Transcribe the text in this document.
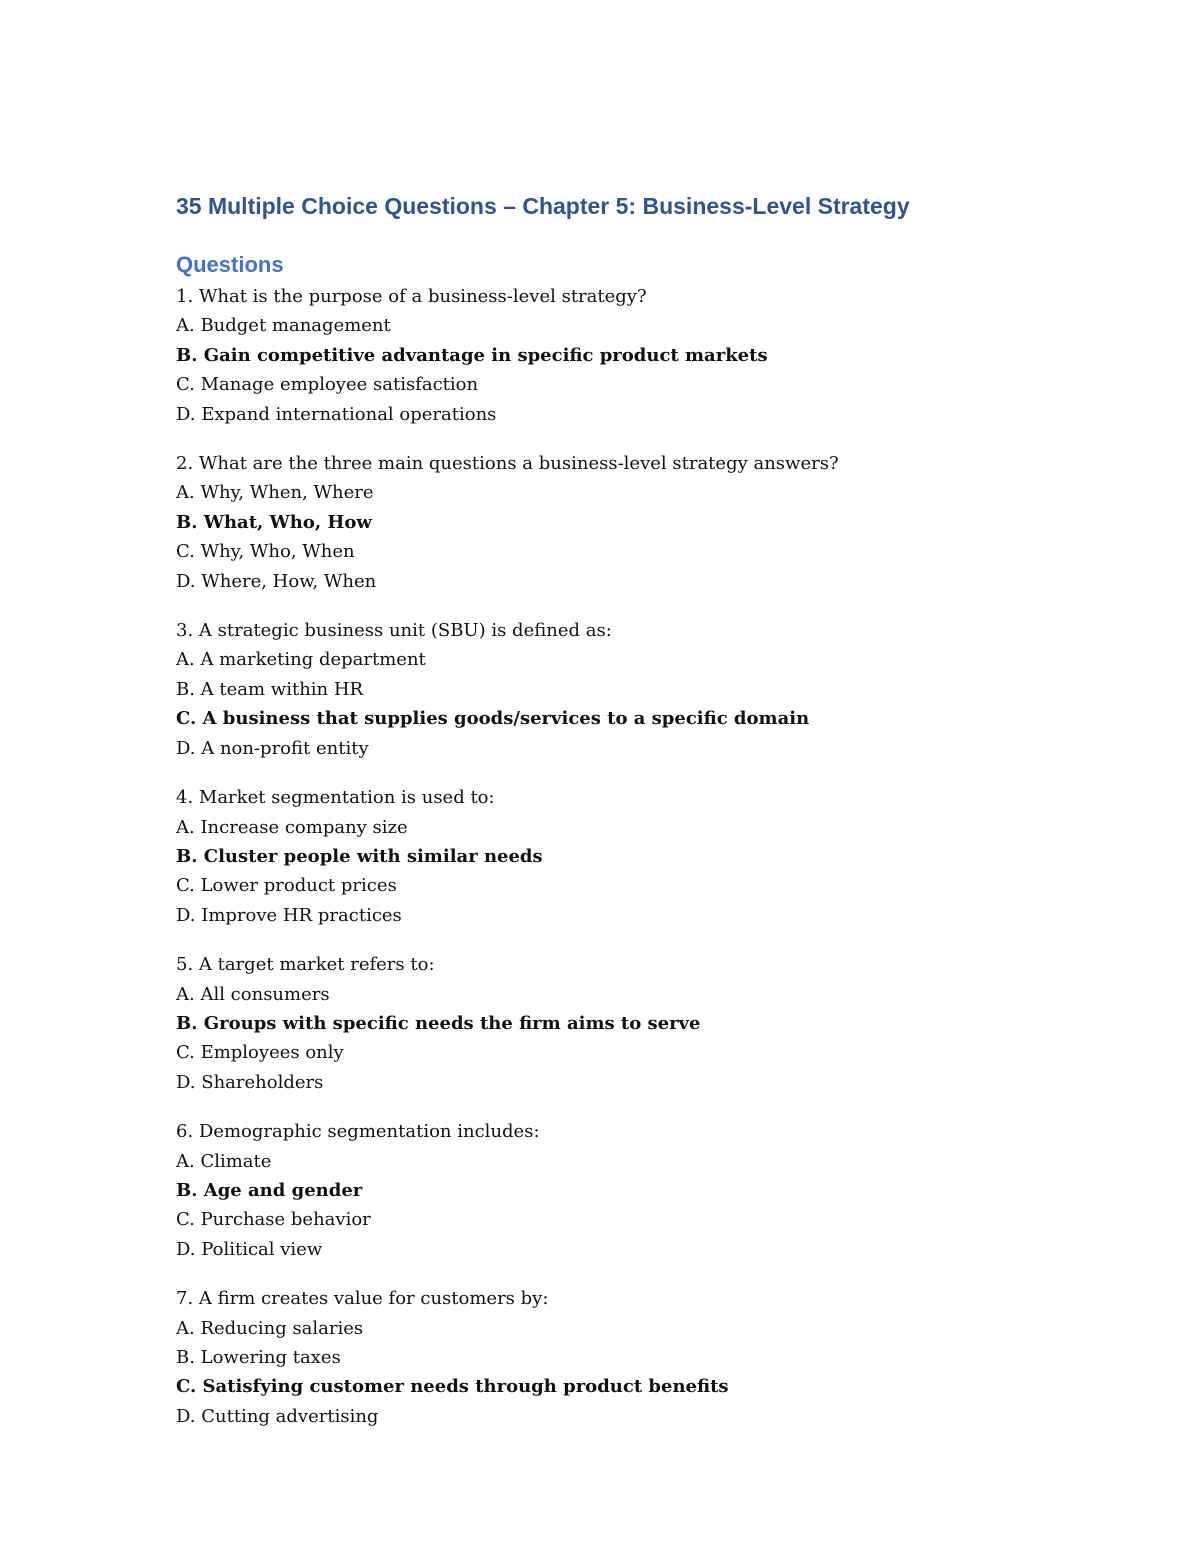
35 Multiple Choice Questions – Chapter 5: Business-Level Strategy
Questions
1. What is the purpose of a business-level strategy?
A. Budget management
B. Gain competitive advantage in specific product markets
C. Manage employee satisfaction
D. Expand international operations
2. What are the three main questions a business-level strategy answers?
A. Why, When, Where
B. What, Who, How
C. Why, Who, When
D. Where, How, When
3. A strategic business unit (SBU) is defined as:
A. A marketing department
B. A team within HR
C. A business that supplies goods/services to a specific domain
D. A non-profit entity
4. Market segmentation is used to:
A. Increase company size
B. Cluster people with similar needs
C. Lower product prices
D. Improve HR practices
5. A target market refers to:
A. All consumers
B. Groups with specific needs the firm aims to serve
C. Employees only
D. Shareholders
6. Demographic segmentation includes:
A. Climate
B. Age and gender
C. Purchase behavior
D. Political view
7. A firm creates value for customers by:
A. Reducing salaries
B. Lowering taxes
C. Satisfying customer needs through product benefits
D. Cutting advertising
